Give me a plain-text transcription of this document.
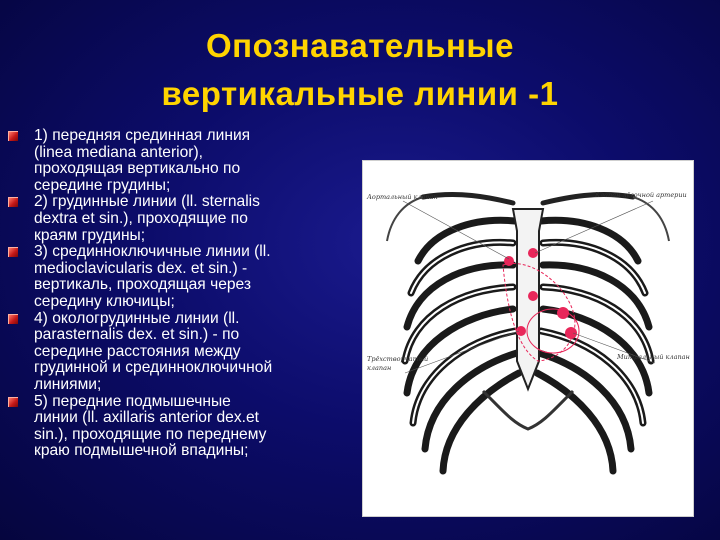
Опознавательные
вертикальные линии -1
1) передняя срединная линия
(linea mediana anterior),
проходящая вертикально по
середине грудины;
2) грудинные линии (ll. sternalis
dextra et sin.), проходящие по
краям грудины;
3) срединноключичные линии (ll.
medioclavicularis dex. et sin.) -
вертикаль, проходящая через
середину ключицы;
4) окологрудинные линии (ll.
parasternalis dex. et sin.) - по
середине расстояния между
грудинной и срединноключичной
линиями;
5) передние подмышечные
линии (ll. axillaris anterior dex.et
sin.), проходящие по переднему
краю подмышечной впадины;
Аортальный клапан	Клапан лёгочной артерии
Трёхстворчатый
клапан
Митральный клапан
